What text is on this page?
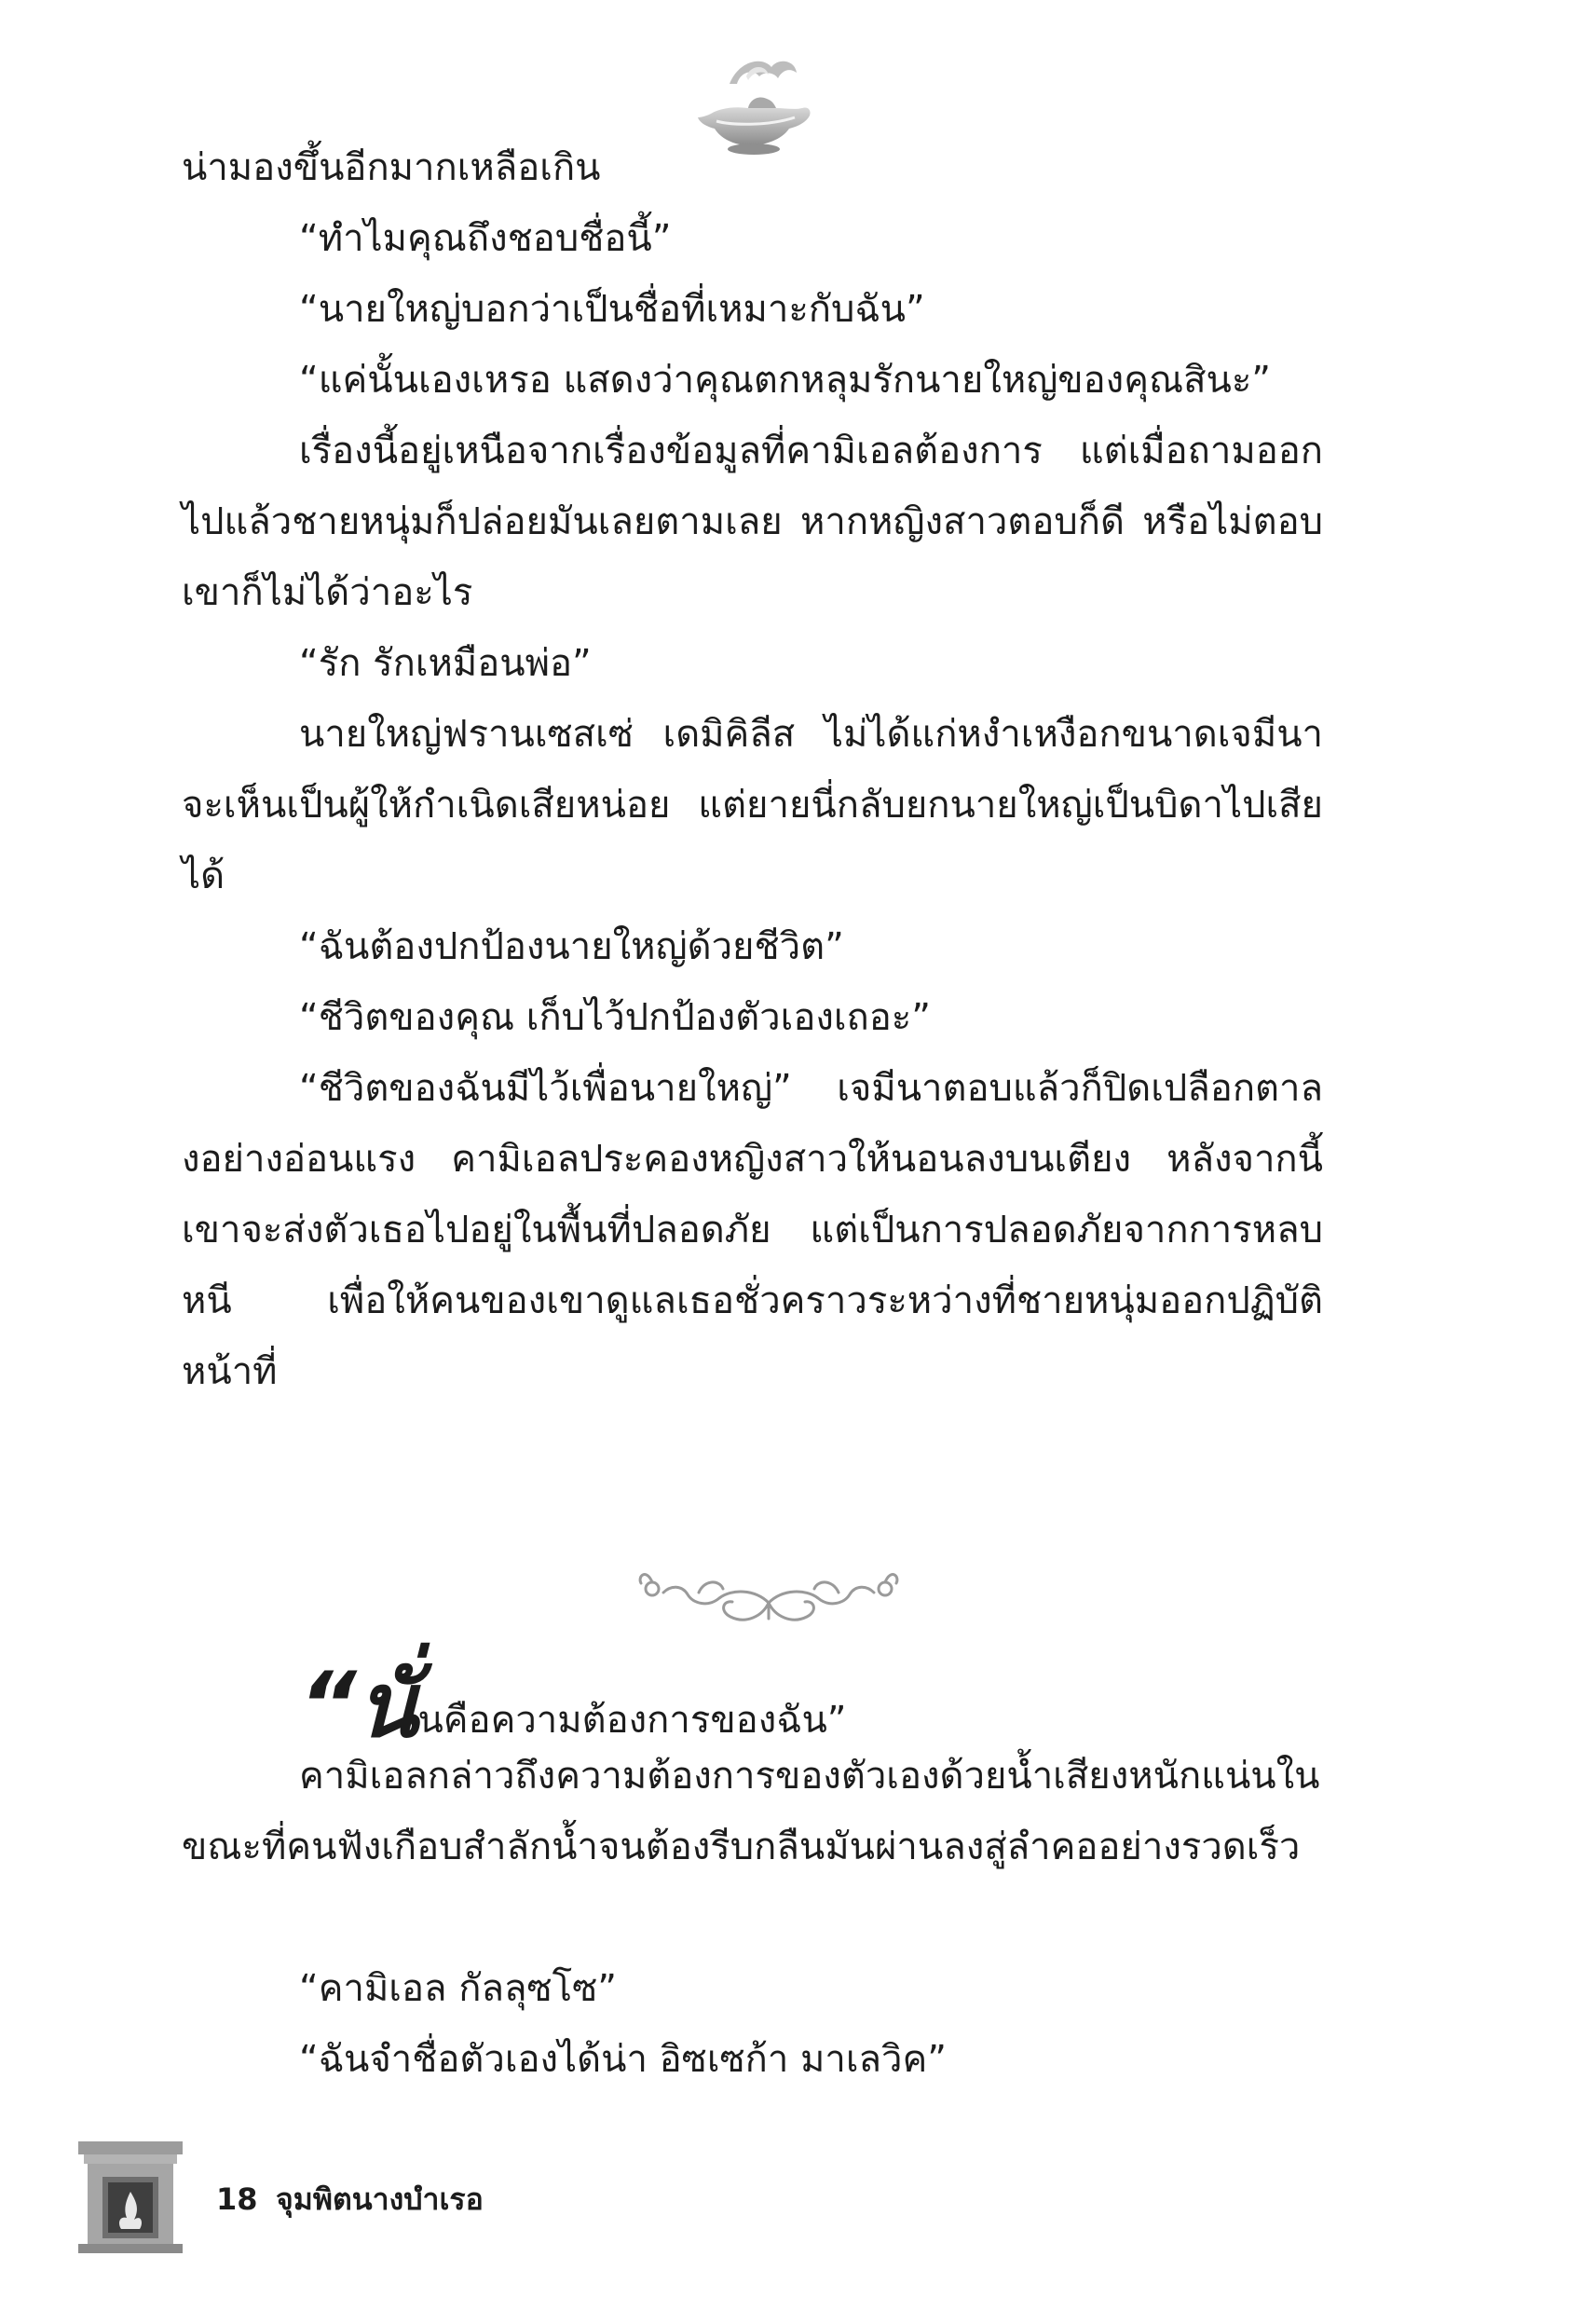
น่ามองขึ้นอีกมากเหลือเกิน

“ทำไมคุณถึงชอบชื่อนี้”

“นายใหญ่บอกว่าเป็นชื่อที่เหมาะกับฉัน”

“แค่นั้นเองเหรอ แสดงว่าคุณตกหลุมรักนายใหญ่ของคุณสินะ”

เรื่องนี้อยู่เหนือจากเรื่องข้อมูลที่คามิเอลต้องการ แต่เมื่อถามออกไปแล้วชายหนุ่มก็ปล่อยมันเลยตามเลย หากหญิงสาวตอบก็ดี หรือไม่ตอบ เขาก็ไม่ได้ว่าอะไร

“รัก รักเหมือนพ่อ”

นายใหญ่ฟรานเซสเซ่ เดมิคิลีส ไม่ได้แก่หงำเหงือกขนาดเจมีนาจะเห็นเป็นผู้ให้กำเนิดเสียหน่อย แต่ยายนี่กลับยกนายใหญ่เป็นบิดาไปเสียได้

“ฉันต้องปกป้องนายใหญ่ด้วยชีวิต”

“ชีวิตของคุณ เก็บไว้ปกป้องตัวเองเถอะ”

“ชีวิตของฉันมีไว้เพื่อนายใหญ่” เจมีนาตอบแล้วก็ปิดเปลือกตาลงอย่างอ่อนแรง คามิเอลประคองหญิงสาวให้นอนลงบนเตียง หลังจากนี้เขาจะส่งตัวเธอไปอยู่ในพื้นที่ปลอดภัย แต่เป็นการปลอดภัยจากการหลบหนี เพื่อให้คนของเขาดูแลเธอชั่วคราวระหว่างที่ชายหนุ่มออกปฏิบัติหน้าที่

“นั่นคือความต้องการของฉัน”

คามิเอลกล่าวถึงความต้องการของตัวเองด้วยน้ำเสียงหนักแน่นในขณะที่คนฟังเกือบสำลักน้ำจนต้องรีบกลืนมันผ่านลงสู่ลำคออย่างรวดเร็ว

“คามิเอล กัลลุซโซ”

“ฉันจำชื่อตัวเองได้น่า อิซเซก้า มาเลวิค”

18 จุมพิตนางบำเรอ
